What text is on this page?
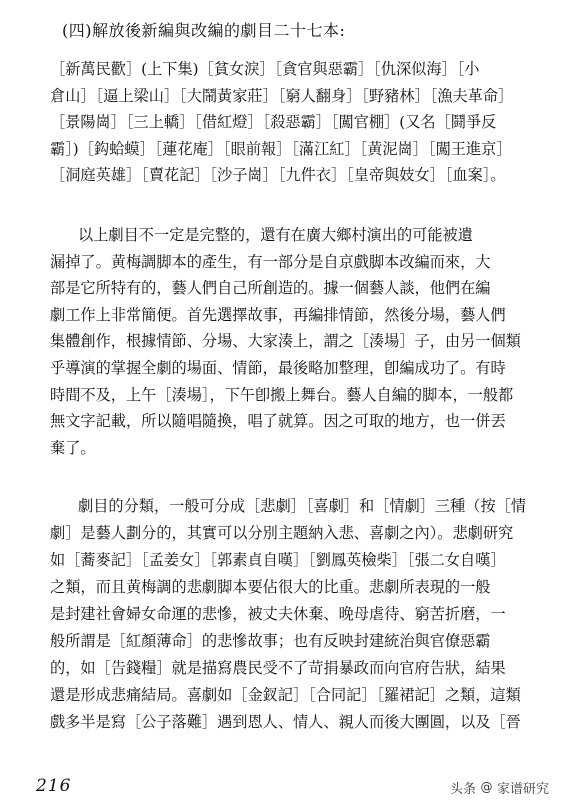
(四)解放後新編與改編的劇目二十七本:
［新萬民歡］(上下集)［貧女淚］［貪官與惡霸］［仇深似海］［小
倉山］［逼上梁山］［大鬧黃家莊］［窮人翻身］［野豬林］［漁夫革命］
［景陽崗］［三上轎］［借紅燈］［殺惡霸］［闖官棚］(又名［鬪爭反
霸］)［鈎蛤蟆］［蓮花庵］［眼前報］［滿江紅］［黄泥崗］［闖王進京］
［洞庭英雄］［賣花記］［沙子崗］［九件衣］［皇帝與妓女］［血案］。
以上劇目不一定是完整的，還有在廣大鄉村演出的可能被遺
漏掉了。黄梅調脚本的產生，有一部分是自京戲脚本改編而來，大
部是它所特有的，藝人們自己所創造的。據一個藝人談，他們在編
劇工作上非常簡便。首先選擇故事，再編排情節，然後分場，藝人們
集體創作，根據情節、分場、大家湊上，謂之［湊場］子，由另一個類
乎導演的掌握全劇的場面、情節，最後略加整理，卽編成功了。有時
時間不及，上午［湊場］，下午卽搬上舞台。藝人自編的脚本，一般都
無文字記載，所以隨唱隨換，唱了就算。因之可取的地方，也一併丟
棄了。
劇目的分類，一般可分成［悲劇］［喜劇］和［情劇］三種（按［情
劇］是藝人劃分的，其實可以分別主題納入悲、喜劇之內）。悲劇研究
如［蕎麥記］［孟姜女］［郭素貞自嘆］［劉鳳英檢柴］［張二女自嘆］
之類，而且黄梅調的悲劇脚本要佔很大的比重。悲劇所表現的一般
是封建社會婦女命運的悲慘，被丈夫休棄、晚母虐待、窮苦折磨，一
般所謂是［紅顏薄命］的悲慘故事；也有反映封建統治與官僚惡霸
的，如［告錢糧］就是描寫農民受不了苛捐暴政而向官府告狀，結果
還是形成悲痛結局。喜劇如［金釵記］［合同記］［羅裙記］之類，這類
戲多半是寫［公子落難］遇到恩人、情人、親人而後大團圓，以及［晉
216	头条 @ 家谱研究
